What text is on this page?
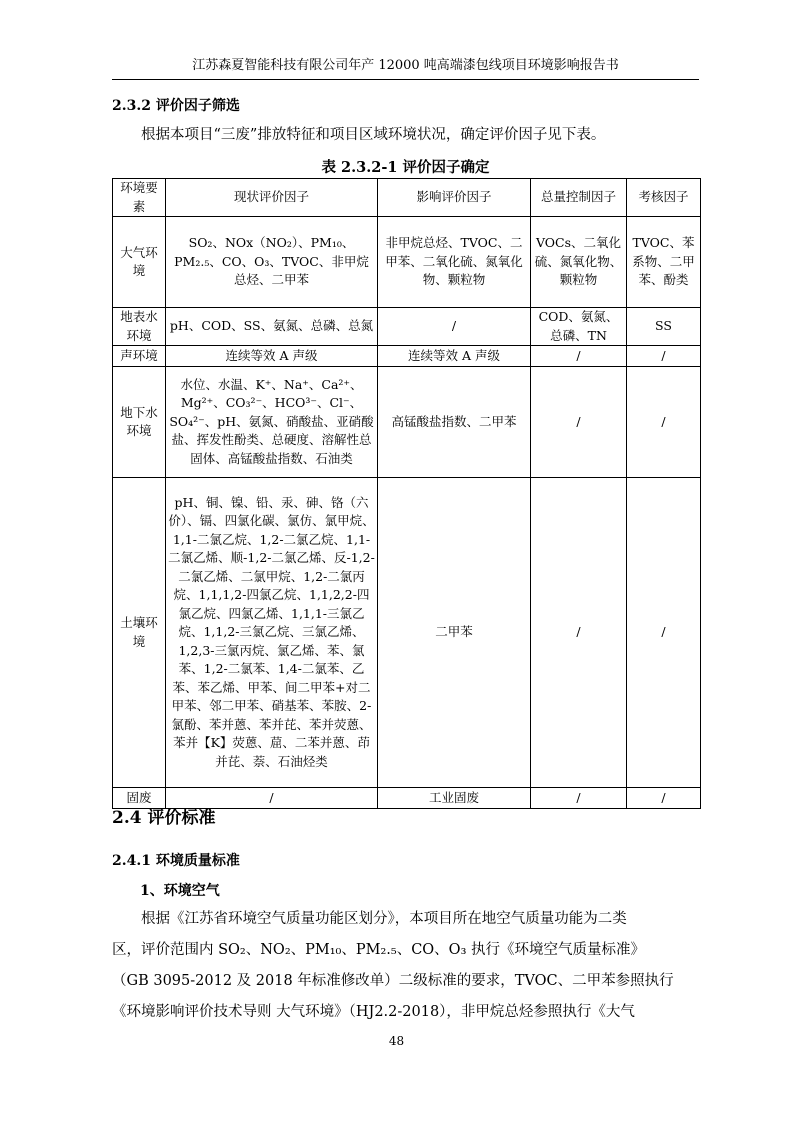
江苏森夏智能科技有限公司年产 12000 吨高端漆包线项目环境影响报告书
2.3.2 评价因子筛选
根据本项目“三废”排放特征和项目区域环境状况，确定评价因子见下表。
表 2.3.2-1 评价因子确定
环境要素	现状评价因子	影响评价因子	总量控制因子	考核因子
大气环境	SO₂、NOx（NO₂）、PM₁₀、PM₂.₅、CO、O₃、TVOC、非甲烷总烃、二甲苯	非甲烷总烃、TVOC、二甲苯、二氧化硫、氮氧化物、颗粒物	VOCs、二氧化硫、氮氧化物、颗粒物	TVOC、苯系物、二甲苯、酚类
地表水环境	pH、COD、SS、氨氮、总磷、总氮	/	COD、氨氮、总磷、TN	SS
声环境	连续等效 A 声级	连续等效 A 声级	/	/
地下水环境	水位、水温、K⁺、Na⁺、Ca²⁺、Mg²⁺、CO₃²⁻、HCO³⁻、Cl⁻、SO₄²⁻、pH、氨氮、硝酸盐、亚硝酸盐、挥发性酚类、总硬度、溶解性总固体、高锰酸盐指数、石油类	高锰酸盐指数、二甲苯	/	/
土壤环境	pH、铜、镍、铅、汞、砷、铬（六价）、镉、四氯化碳、氯仿、氯甲烷、1,1-二氯乙烷、1,2-二氯乙烷、1,1-二氯乙烯、顺-1,2-二氯乙烯、反-1,2-二氯乙烯、二氯甲烷、1,2-二氯丙烷、1,1,1,2-四氯乙烷、1,1,2,2-四氯乙烷、四氯乙烯、1,1,1-三氯乙烷、1,1,2-三氯乙烷、三氯乙烯、1,2,3-三氯丙烷、氯乙烯、苯、氯苯、1,2-二氯苯、1,4-二氯苯、乙苯、苯乙烯、甲苯、间二甲苯+对二甲苯、邻二甲苯、硝基苯、苯胺、2-氯酚、苯并蒽、苯并芘、苯并荧蒽、苯并【K】荧蒽、䓛、二苯并蒽、茚并芘、萘、石油烃类	二甲苯	/	/
固废	/	工业固废	/	/
2.4 评价标准
2.4.1 环境质量标准
1、环境空气
根据《江苏省环境空气质量功能区划分》，本项目所在地空气质量功能为二类
区，评价范围内 SO₂、NO₂、PM₁₀、PM₂.₅、CO、O₃ 执行《环境空气质量标准》
（GB 3095-2012 及 2018 年标准修改单）二级标准的要求，TVOC、二甲苯参照执行
《环境影响评价技术导则 大气环境》（HJ2.2-2018），非甲烷总烃参照执行《大气
48
